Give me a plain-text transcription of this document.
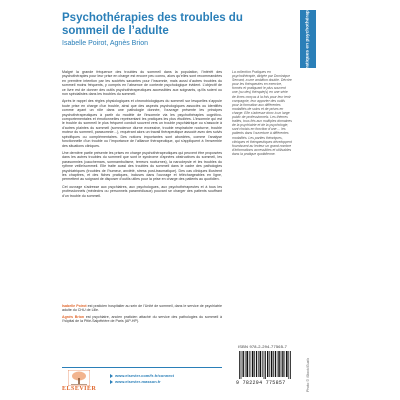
Psychothérapies des troubles du sommeil de l’adulte
Isabelle Poirot, Agnès Brion	Pratiques en psychothérapie

Malgré la grande fréquence des troubles du sommeil dans la population, l’intérêt des psychothérapies pour leur prise en charge est encore peu connu, alors qu’elles sont recommandées en première intention par les sociétés savantes pour l’insomnie, mais aussi d’autres troubles du sommeil moins fréquents, y compris en l’absence de contexte psychologique évident. L’objectif de ce livre est de donner des outils psychothérapeutiques accessibles aux soignants, qu’ils soient ou non spécialistes dans les troubles du sommeil.

Après le rappel des règles physiologiques et chronobiologiques du sommeil sur lesquelles s’appuie toute prise en charge d’un trouble, ainsi que des aspects psychologiques associés ou identifiés comme ayant un rôle dans une pathologie donnée, l’ouvrage présente les principes psychothérapeutiques à partir du modèle de l’insomnie via les psychothérapies cognitivo-comportementales et émotionnelles représentant les pratiques les plus étudiées. L’insomnie qui est le trouble du sommeil le plus fréquent conduit souvent vers un trouble psychiatrique ou s’associe à d’autres plaintes du sommeil (somnolence diurne excessive, trouble respiratoire nocturne, trouble moteur du sommeil, parasomnie…), requérant alors un travail thérapeutique associé avec des suivis spécifiques ou complémentaires. Des notions importantes sont abordées, comme l’analyse fonctionnelle d’un trouble ou l’importance de l’alliance thérapeutique, qui s’appliquent à l’ensemble des situations cliniques.

Une dernière partie présente les prises en charge psychothérapeutiques qui peuvent être proposées dans les autres troubles du sommeil que sont le syndrome d’apnées obstructives du sommeil, les parasomnies (cauchemars, somnambulisme, terreurs nocturnes), la narcolepsie et les troubles du rythme veille/sommeil. Elle traite aussi des troubles du sommeil dans le cadre des pathologies psychiatriques (troubles de l’humeur, anxiété, stress post-traumatique). Des cas cliniques illustrent les chapitres, et des fiches pratiques, incluses dans l’ouvrage et téléchargeables en ligne, permettent au soignant de disposer d’outils utiles pour la prise en charge des patients au quotidien.

Cet ouvrage s’adresse aux psychiatres, aux psychologues, aux psychothérapeutes et à tous les professionnels (médecins ou personnels paramédicaux) pouvant se charger des patients souffrant d’un trouble du sommeil.

Isabelle Poirot est praticien hospitalier au sein de l’Unité de sommeil, dans le service de psychiatrie adulte du CHU de Lille.

Agnès Brion est psychiatre, ancien praticien attaché du service des pathologies du sommeil à l’hôpital de la Pitié-Salpêtrière de Paris (AP-HP).

La collection Pratiques en psychothérapie, dirigée par Dominique Servant, a une ambition double. Décrire pour les thérapeutes en exercice, formés et pratiquant le plus souvent une (ou des) thérapie(s) en une série de livres conçus à la fois pour leur tenir compagnie, leur apporter des outils pour la formation aux différentes modalités de soins et de prises en charge. Elle s’adresse donc à un large public de professionnels. Les thèmes traités, tous liés aux multiples domaines de la psychiatrie et de la psychologie, sont choisis en fonction d’une ... les patients dans l’ouverture à différentes modalités. Les parties théoriques, cliniques et thérapeutiques développent fournissent au lecteur un grand nombre d’informations accessibles et utilisables dans la pratique quotidienne.
ISBN 978-2-294-77565-7
9 782294 775857	Photo © iStock/Guzik
ELSEVIER
www.elsevier.com/fr-fr/connect
www.elsevier-masson.fr
